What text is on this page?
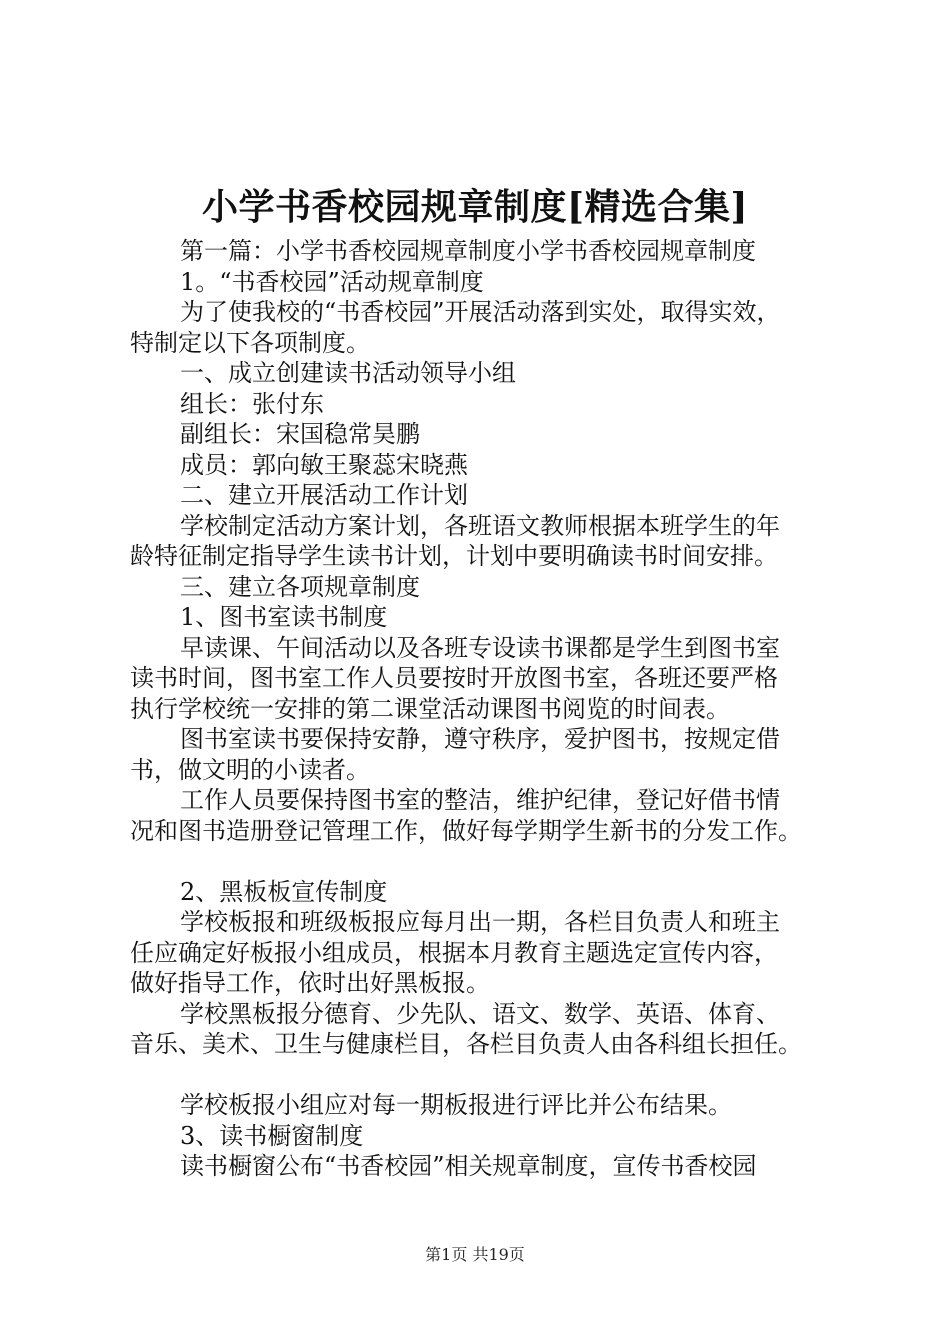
小学书香校园规章制度[精选合集]
第一篇：小学书香校园规章制度小学书香校园规章制度
1。“书香校园”活动规章制度
为了使我校的“书香校园”开展活动落到实处，取得实效，
特制定以下各项制度。
一、成立创建读书活动领导小组
组长：张付东
副组长：宋国稳常昊鹏
成员：郭向敏王聚蕊宋晓燕
二、建立开展活动工作计划
学校制定活动方案计划，各班语文教师根据本班学生的年
龄特征制定指导学生读书计划，计划中要明确读书时间安排。
三、建立各项规章制度
1、图书室读书制度
早读课、午间活动以及各班专设读书课都是学生到图书室
读书时间，图书室工作人员要按时开放图书室，各班还要严格
执行学校统一安排的第二课堂活动课图书阅览的时间表。
图书室读书要保持安静，遵守秩序，爱护图书，按规定借
书，做文明的小读者。
工作人员要保持图书室的整洁，维护纪律，登记好借书情
况和图书造册登记管理工作，做好每学期学生新书的分发工作。
2、黑板板宣传制度
学校板报和班级板报应每月出一期，各栏目负责人和班主
任应确定好板报小组成员，根据本月教育主题选定宣传内容，
做好指导工作，依时出好黑板报。
学校黑板报分德育、少先队、语文、数学、英语、体育、
音乐、美术、卫生与健康栏目，各栏目负责人由各科组长担任。
学校板报小组应对每一期板报进行评比并公布结果。
3、读书橱窗制度
读书橱窗公布“书香校园”相关规章制度，宣传书香校园
第1页 共19页
